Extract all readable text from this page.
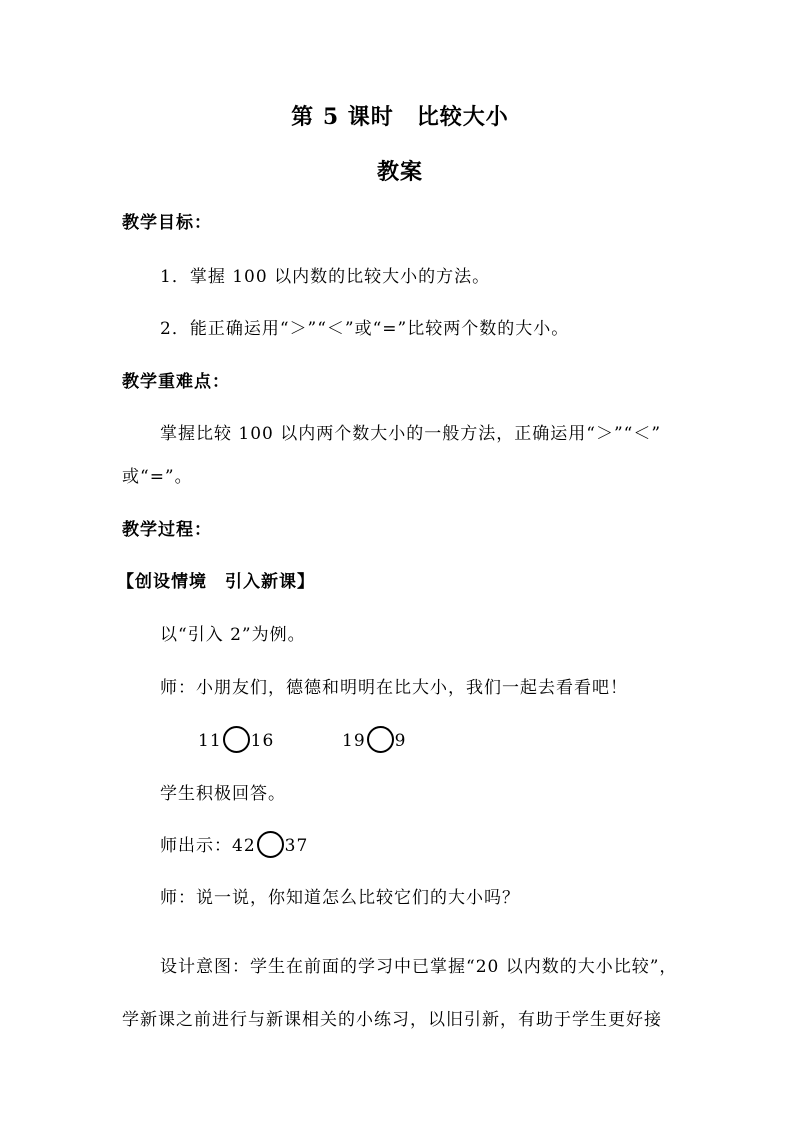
第 5 课时　比较大小
教案
教学目标：
1．掌握 100 以内数的比较大小的方法。
2．能正确运用“＞”“＜”或“=”比较两个数的大小。
教学重难点：
掌握比较 100 以内两个数大小的一般方法，正确运用“＞”“＜”
或“=”。
教学过程：
【创设情境　引入新课】
以“引入 2”为例。
师：小朋友们，德德和明明在比大小，我们一起去看看吧！
11 16	19 9
学生积极回答。
师出示：42 37
师：说一说，你知道怎么比较它们的大小吗？
设计意图：学生在前面的学习中已掌握“20 以内数的大小比较”，
学新课之前进行与新课相关的小练习，以旧引新，有助于学生更好接
